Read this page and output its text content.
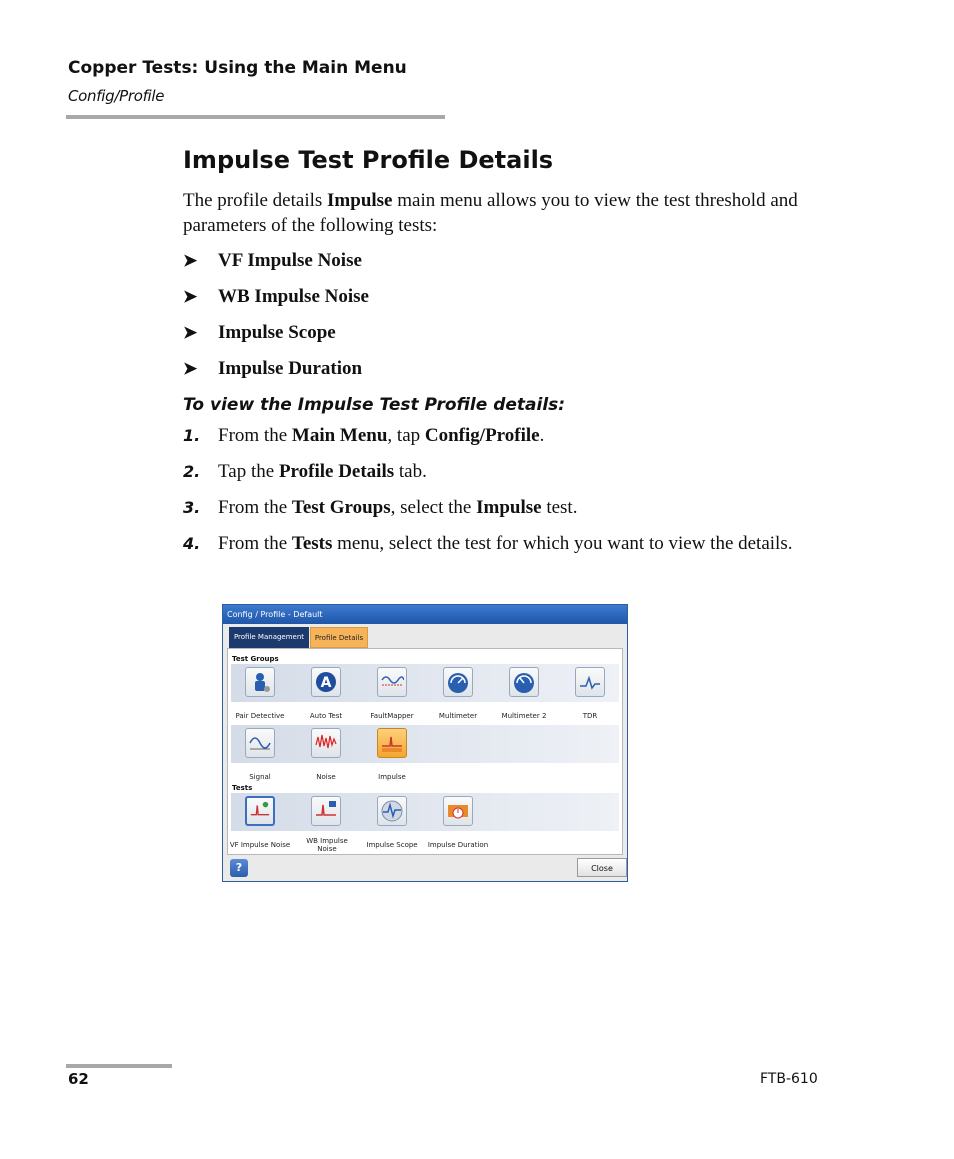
Copper Tests: Using the Main Menu
Config/Profile
Impulse Test Profile Details
The profile details Impulse main menu allows you to view the test threshold and parameters of the following tests:
➤ VF Impulse Noise
➤ WB Impulse Noise
➤ Impulse Scope
➤ Impulse Duration
To view the Impulse Test Profile details:
1. From the Main Menu, tap Config/Profile.
2. Tap the Profile Details tab.
3. From the Test Groups, select the Impulse test.
4. From the Tests menu, select the test for which you want to view the details.
Config / Profile - Default
Profile Management	Profile Details
Test Groups
A
Pair Detective	Auto Test	FaultMapper	Multimeter	Multimeter 2	TDR
Signal	Noise	Impulse
Tests
VF Impulse Noise	WB Impulse Noise	Impulse Scope	Impulse Duration
?	Close
62	FTB-610
